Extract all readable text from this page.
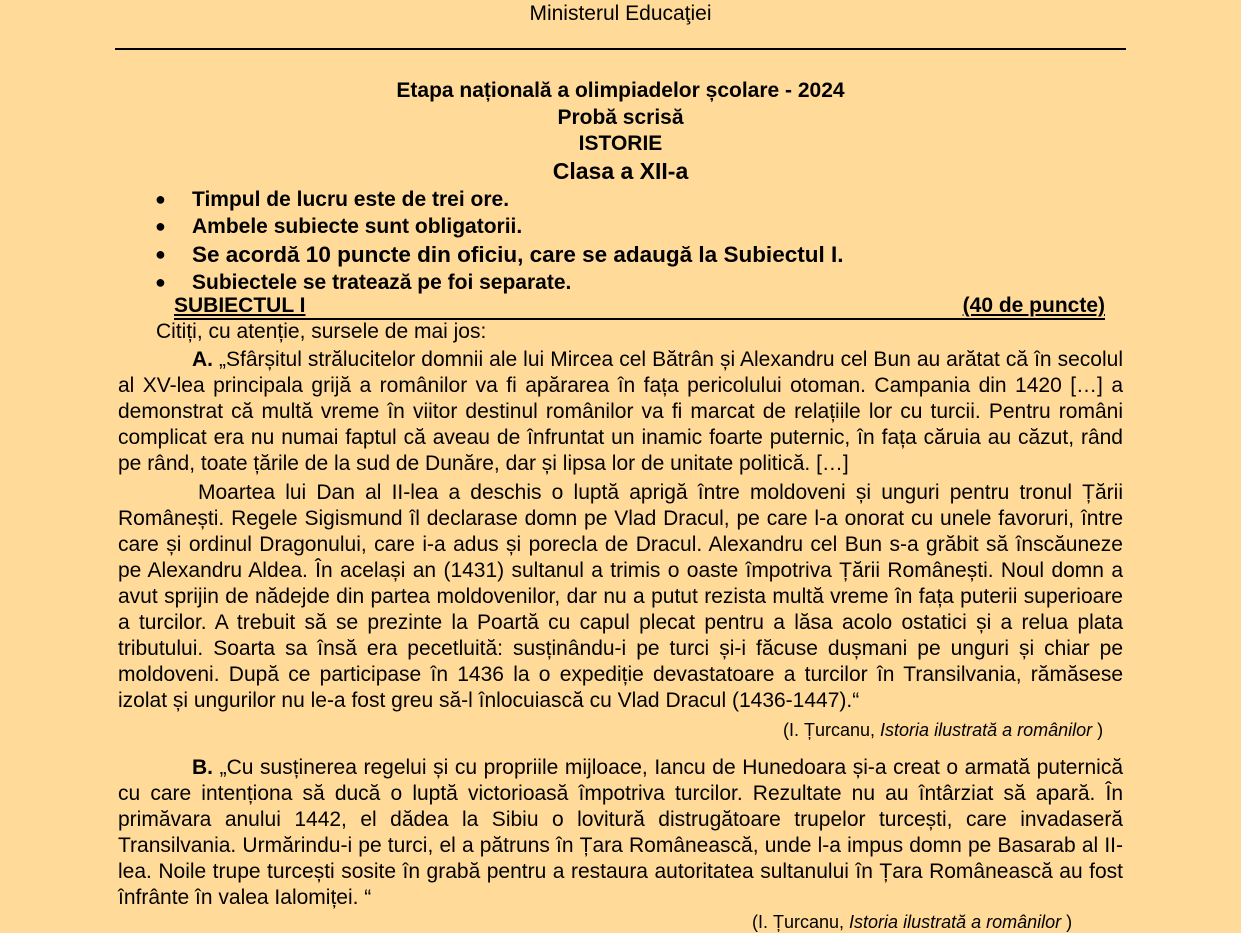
Ministerul Educaţiei
Etapa națională a olimpiadelor școlare - 2024
Probă scrisă
ISTORIE
Clasa a XII-a
●	Timpul de lucru este de trei ore.
●	Ambele subiecte sunt obligatorii.
●	Se acordă 10 puncte din oficiu, care se adaugă la Subiectul I.
●	Subiectele se tratează pe foi separate.
SUBIECTUL I	(40 de puncte)
Citiți, cu atenție, sursele de mai jos:

A. „Sfârșitul strălucitelor domnii ale lui Mircea cel Bătrân și Alexandru cel Bun au arătat că în secolul al XV-lea principala grijă a românilor va fi apărarea în fața pericolului otoman. Campania din 1420 […] a demonstrat că multă vreme în viitor destinul românilor va fi marcat de relațiile lor cu turcii. Pentru români complicat era nu numai faptul că aveau de înfruntat un inamic foarte puternic, în fața căruia au căzut, rând pe rând, toate țările de la sud de Dunăre, dar și lipsa lor de unitate politică. […]

Moartea lui Dan al II-lea a deschis o luptă aprigă între moldoveni și unguri pentru tronul Țării Românești. Regele Sigismund îl declarase domn pe Vlad Dracul, pe care l-a onorat cu unele favoruri, între care și ordinul Dragonului, care i-a adus și porecla de Dracul. Alexandru cel Bun s-a grăbit să înscăuneze pe Alexandru Aldea. În același an (1431) sultanul a trimis o oaste împotriva Țării Românești. Noul domn a avut sprijin de nădejde din partea moldovenilor, dar nu a putut rezista multă vreme în fața puterii superioare a turcilor. A trebuit să se prezinte la Poartă cu capul plecat pentru a lăsa acolo ostatici și a relua plata tributului. Soarta sa însă era pecetluită: susținându-i pe turci și-i făcuse dușmani pe unguri și chiar pe moldoveni. După ce participase în 1436 la o expediție devastatoare a turcilor în Transilvania, rămăsese izolat și ungurilor nu le-a fost greu să-l înlocuiască cu Vlad Dracul (1436-1447).“

(I. Țurcanu, Istoria ilustrată a românilor )

B. „Cu susținerea regelui și cu propriile mijloace, Iancu de Hunedoara și-a creat o armată puternică cu care intenționa să ducă o luptă victorioasă împotriva turcilor. Rezultate nu au întârziat să apară. În primăvara anului 1442, el dădea la Sibiu o lovitură distrugătoare trupelor turcești, care invadaseră Transilvania. Urmărindu-i pe turci, el a pătruns în Țara Românească, unde l-a impus domn pe Basarab al II-lea. Noile trupe turcești sosite în grabă pentru a restaura autoritatea sultanului în Țara Românească au fost înfrânte în valea Ialomiței. “

(I. Țurcanu, Istoria ilustrată a românilor )
